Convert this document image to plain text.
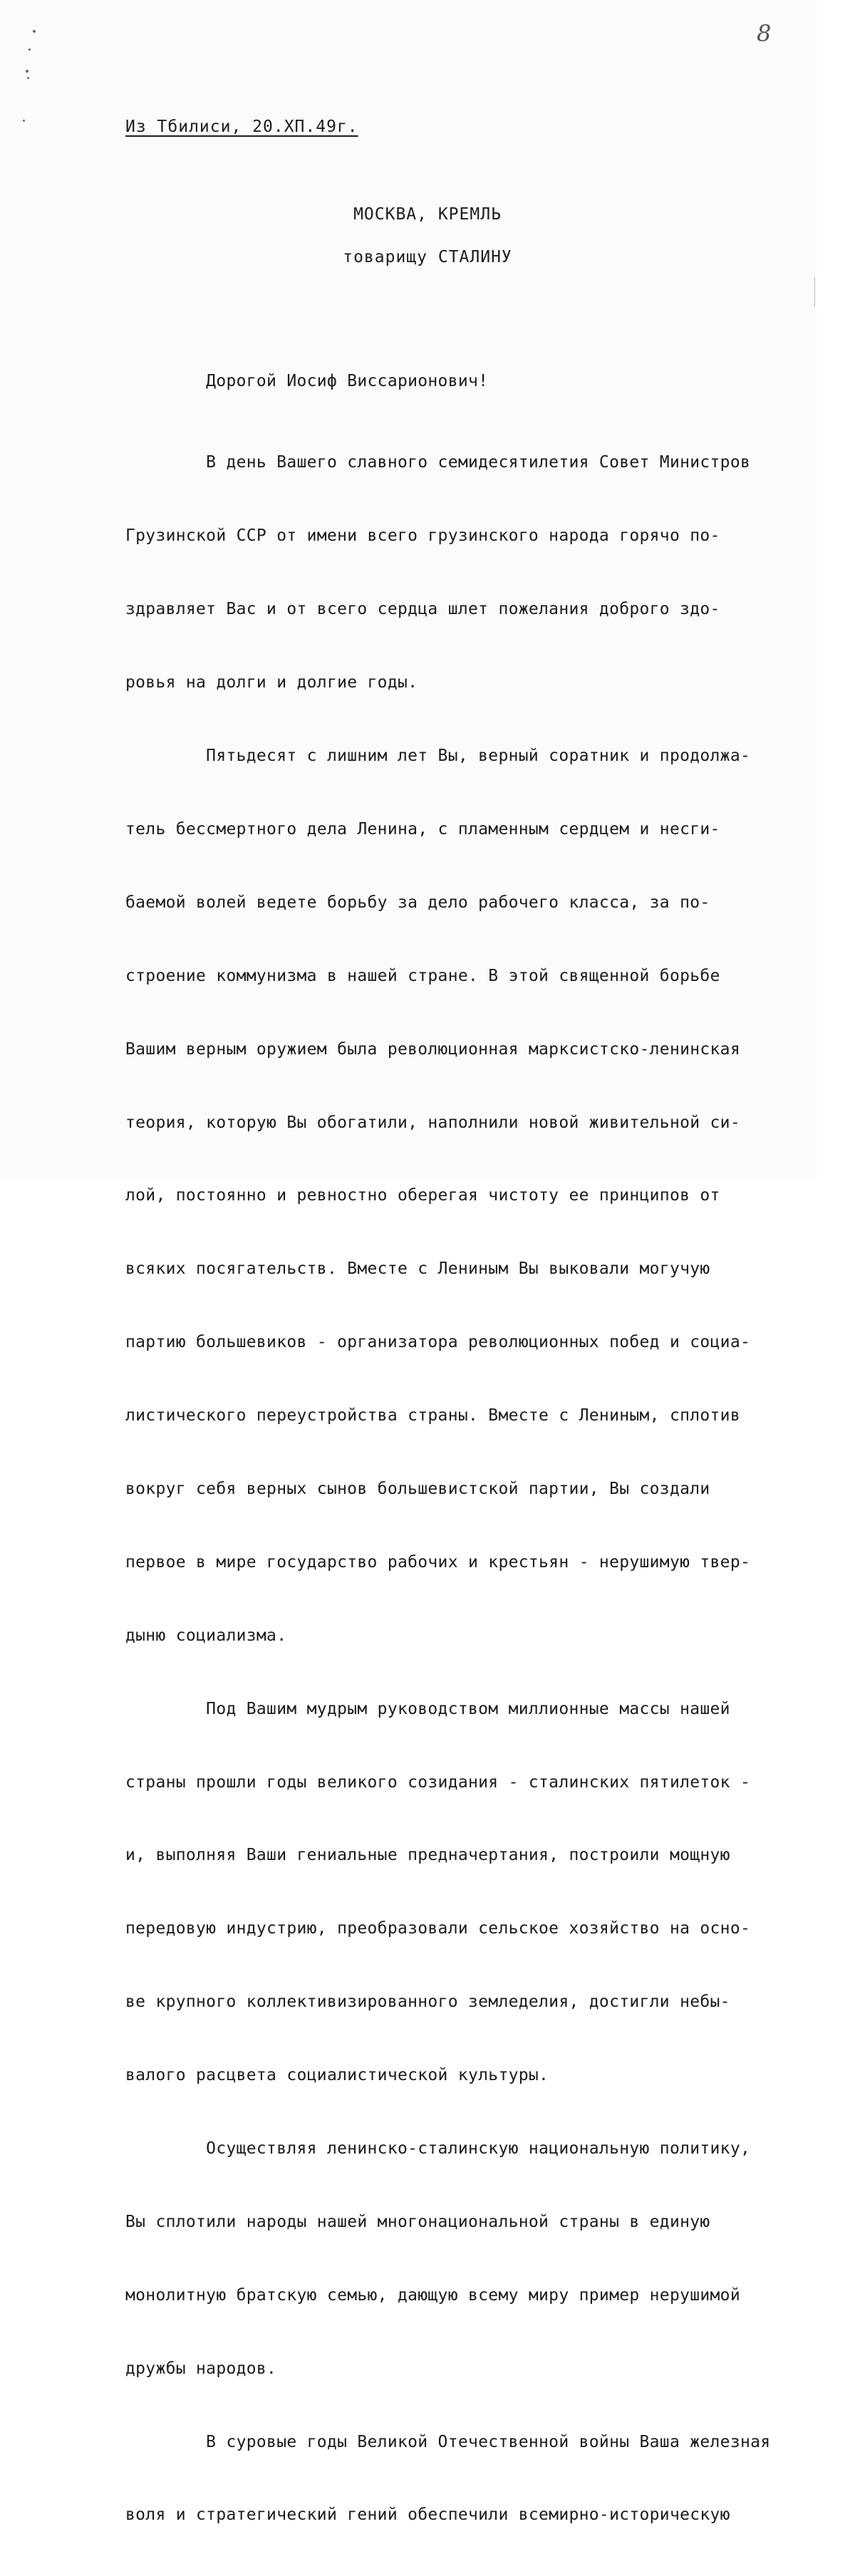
8
Из Тбилиси, 20.ХП.49г.
МОСКВА, КРЕМЛЬ
товарищу СТАЛИНУ

Дорогой Иосиф Виссарионович!

В день Вашего славного семидесятилетия Совет Министров

Грузинской ССР от имени всего грузинского народа горячо по-

здравляет Вас и от всего сердца шлет пожелания доброго здо-

ровья на долги и долгие годы.

Пятьдесят с лишним лет Вы, верный соратник и продолжа-

тель бессмертного дела Ленина, с пламенным сердцем и несги-

баемой волей ведете борьбу за дело рабочего класса, за по-

строение коммунизма в нашей стране. В этой священной борьбе

Вашим верным оружием была революционная марксистско-ленинская

теория, которую Вы обогатили, наполнили новой живительной си-

лой, постоянно и ревностно оберегая чистоту ее принципов от

всяких посягательств. Вместе с Лениным Вы выковали могучую

партию большевиков - организатора революционных побед и социа-

листического переустройства страны. Вместе с Лениным, сплотив

вокруг себя верных сынов большевистской партии, Вы создали

первое в мире государство рабочих и крестьян - нерушимую твер-

дыню социализма.

Под Вашим мудрым руководством миллионные массы нашей

страны прошли годы великого созидания - сталинских пятилеток -

и, выполняя Ваши гениальные предначертания, построили мощную

передовую индустрию, преобразовали сельское хозяйство на осно-

ве крупного коллективизированного земледелия, достигли небы-

валого расцвета социалистической культуры.

Осуществляя ленинско-сталинскую национальную политику,

Вы сплотили народы нашей многонациональной страны в единую

монолитную братскую семью, дающую всему миру пример нерушимой

дружбы народов.

В суровые годы Великой Отечественной войны Ваша железная

воля и стратегический гений обеспечили всемирно-историческую
